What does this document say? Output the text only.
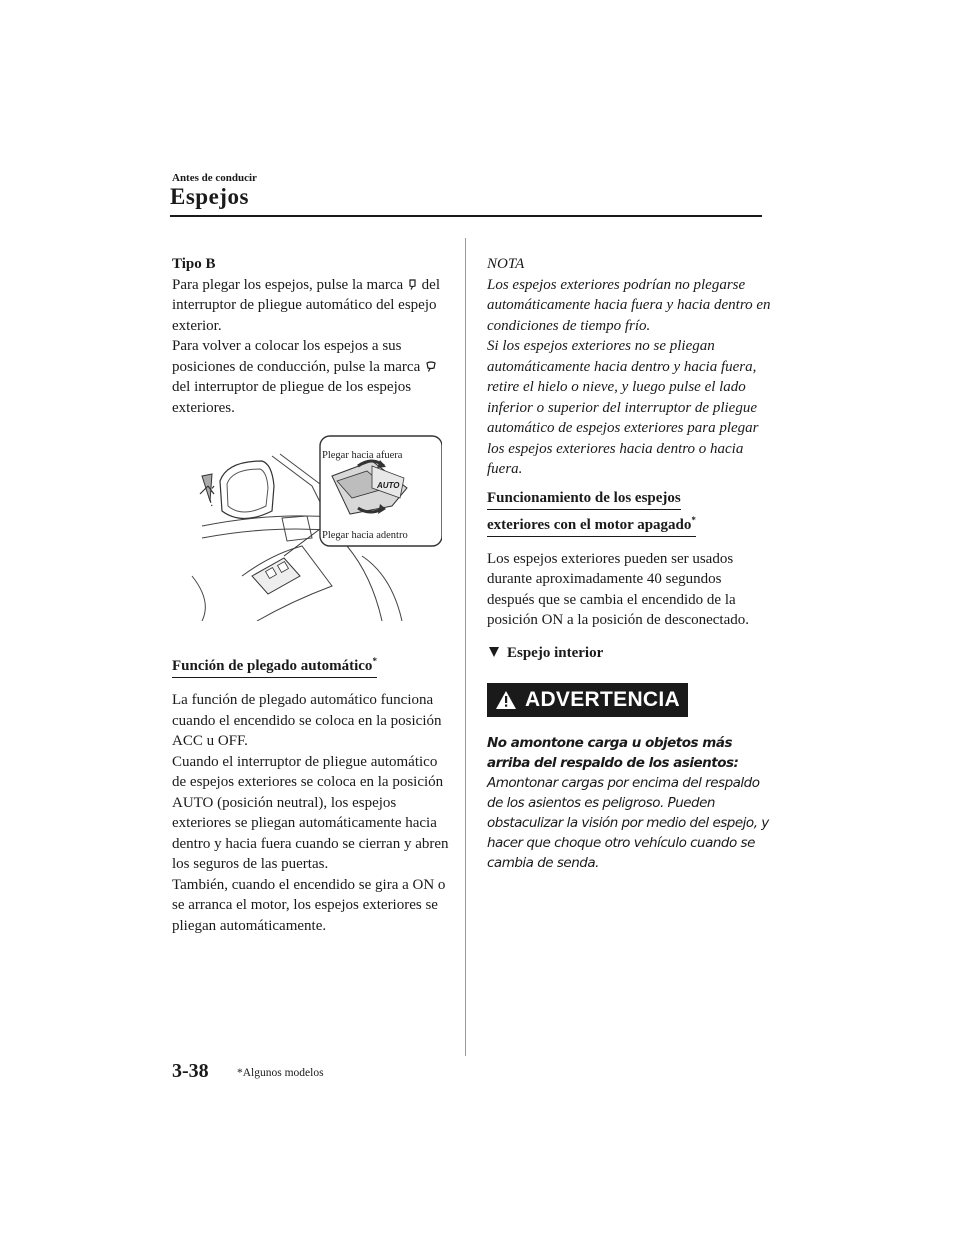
Antes de conducir
Espejos

Tipo B

Para plegar los espejos, pulse la marca del interruptor de pliegue automático del espejo exterior.

Para volver a colocar los espejos a sus posiciones de conducción, pulse la marca  del interruptor de pliegue de los espejos exteriores.

AUTO
Plegar hacia afuera
Plegar hacia adentro
Función de plegado automático*

La función de plegado automático funciona cuando el encendido se coloca en la posición ACC u OFF.

Cuando el interruptor de pliegue automático de espejos exteriores se coloca en la posición AUTO (posición neutral), los espejos exteriores se pliegan automáticamente hacia dentro y hacia fuera cuando se cierran y abren los seguros de las puertas.

También, cuando el encendido se gira a ON o se arranca el motor, los espejos exteriores se pliegan automáticamente.

NOTA

Los espejos exteriores podrían no plegarse automáticamente hacia fuera y hacia dentro en condiciones de tiempo frío.

Si los espejos exteriores no se pliegan automáticamente hacia dentro y hacia fuera, retire el hielo o nieve, y luego pulse el lado inferior o superior del interruptor de pliegue automático de espejos exteriores para plegar los espejos exteriores hacia dentro o hacia fuera.

Funcionamiento de los espejos
exteriores con el motor apagado*

Los espejos exteriores pueden ser usados durante aproximadamente 40 segundos después que se cambia el encendido de la posición ON a la posición de desconectado.

Espejo interior

ADVERTENCIA

No amontone carga u objetos más arriba del respaldo de los asientos:

Amontonar cargas por encima del respaldo de los asientos es peligroso. Pueden obstaculizar la visión por medio del espejo, y hacer que choque otro vehículo cuando se cambia de senda.

3-38 *Algunos modelos
